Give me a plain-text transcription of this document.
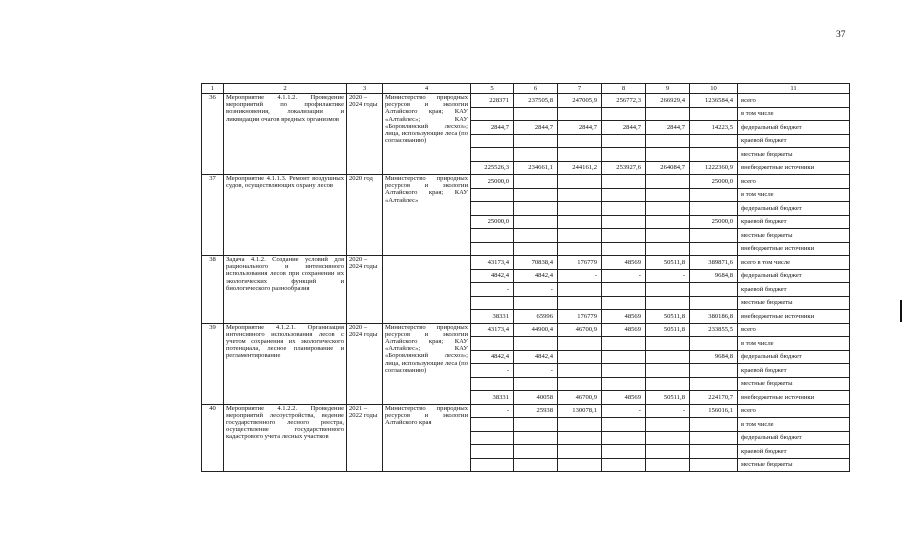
37
1	2	3	4	5	6	7	8	9	10	11
36	Мероприятие 4.1.1.2. Проведение мероприятий по профилактике возникновения, локализации и ликвидации очагов вредных организмов	2020 – 2024 годы	Министерство природных ресурсов и экологии Алтайского края; КАУ «Алтайлес»; КАУ «Боровлянский лесхоз»; лица, использующие леса (по согласованию)	228371	237505,8	247005,9	256772,3	266929,4	1236584,4	всего
										в том числе
				2844,7	2844,7	2844,7	2844,7	2844,7	14223,5	федеральный бюджет
										краевой бюджет
										местные бюджеты
				225526,3	234661,1	244161,2	253927,6	264084,7	1222360,9	внебюджетные источники
37	Мероприятие 4.1.1.3. Ремонт воздушных судов, осуществляющих охрану лесов	2020 год	Министерство природных ресурсов и экологии Алтайского края; КАУ «Алтайлес»	25000,0					25000,0	всего
										в том числе
										федеральный бюджет
				25000,0					25000,0	краевой бюджет
										местные бюджеты
										внебюджетные источники
38	Задача 4.1.2. Создание условий для рационального и интенсивного использования лесов при сохранении их экологических функций и биологического разнообразия	2020 – 2024 годы		43173,4	70838,4	176779	48569	50511,8	389871,6	всего в том числе
				4842,4	4842,4	-	-	-	9684,8	федеральный бюджет
				-	-					краевой бюджет
										местные бюджеты
				38331	65996	176779	48569	50511,8	380186,8	внебюджетные источники
39	Мероприятие 4.1.2.1. Организация интенсивного использования лесов с учетом сохранения их экологического потенциала, лесное планирование и регламентирование	2020 – 2024 годы	Министерство природных ресурсов и экологии Алтайского края; КАУ «Алтайлес»; КАУ «Боровлянский лесхоз»; лица, использующие леса (по согласованию)	43173,4	44900,4	46700,9	48569	50511,8	233855,5	всего
										в том числе
				4842,4	4842,4				9684,8	федеральный бюджет
				-	-					краевой бюджет
										местные бюджеты
				38331	40058	46700,9	48569	50511,8	224170,7	внебюджетные источники
40	Мероприятие 4.1.2.2. Проведение мероприятий лесоустройства, ведение государственного лесного реестра, осуществление государственного кадастрового учета лесных участков	2021 – 2022 годы	Министерство природных ресурсов и экологии Алтайского края	-	25938	130078,1	-	-	156016,1	всего
										в том числе
										федеральный бюджет
										краевой бюджет
										местные бюджеты
